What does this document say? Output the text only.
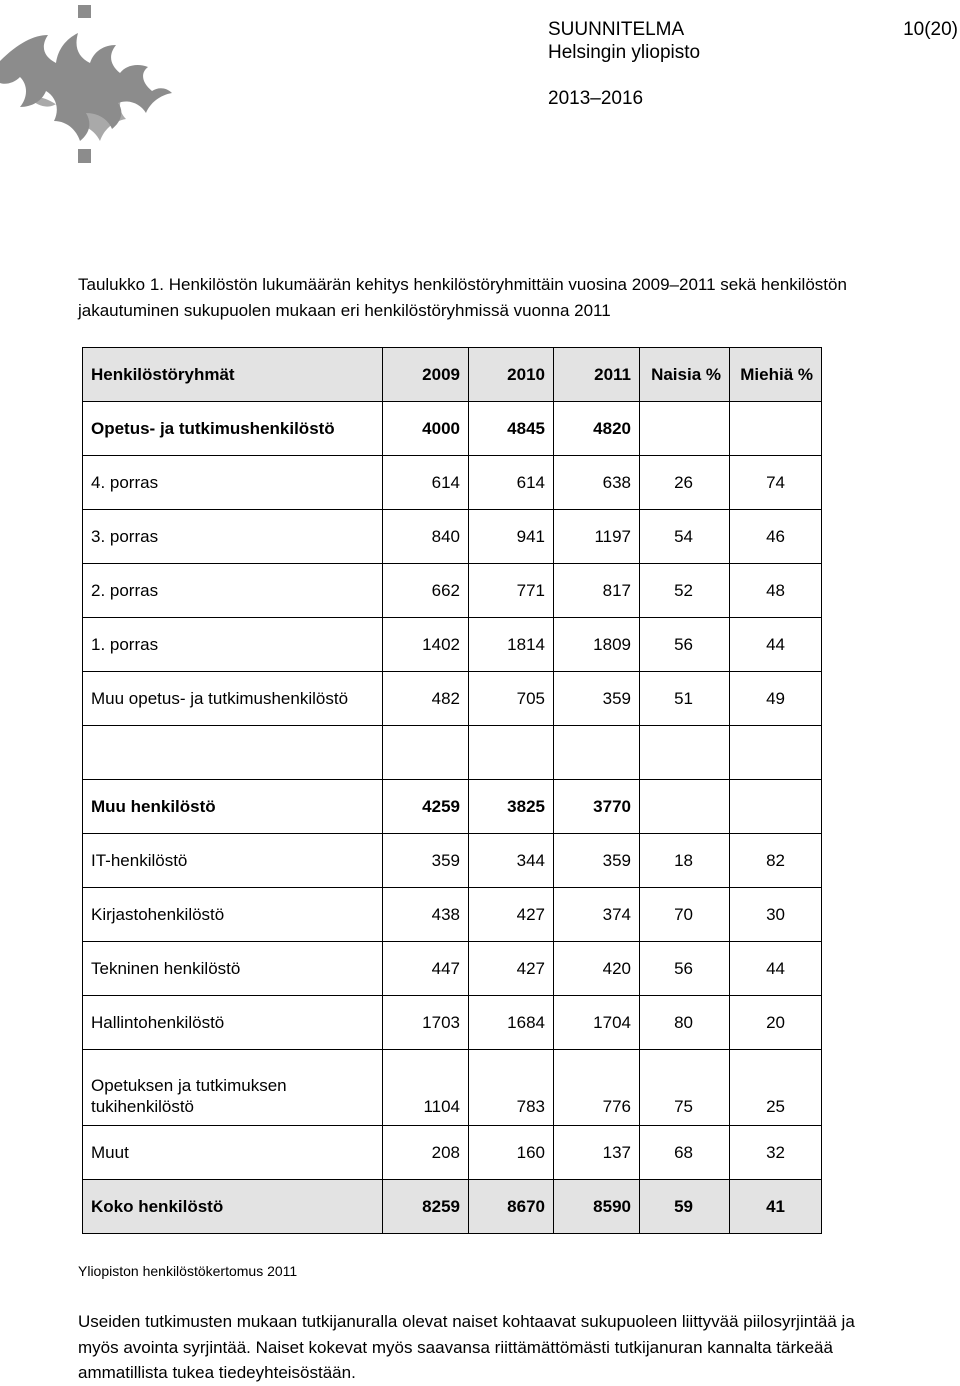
SUUNNITELMA
Helsingin yliopisto
2013–2016
10(20)
Taulukko 1. Henkilöstön lukumäärän kehitys henkilöstöryhmittäin vuosina 2009–2011 sekä henkilöstön jakautuminen sukupuolen mukaan eri henkilöstöryhmissä vuonna 2011
Henkilöstöryhmät	2009	2010	2011	Naisia %	Miehiä %
Opetus- ja tutkimushenkilöstö	4000	4845	4820		
4. porras	614	614	638	26	74
3. porras	840	941	1197	54	46
2. porras	662	771	817	52	48
1. porras	1402	1814	1809	56	44
Muu opetus- ja tutkimushenkilöstö	482	705	359	51	49

Muu henkilöstö	4259	3825	3770		
IT-henkilöstö	359	344	359	18	82
Kirjastohenkilöstö	438	427	374	70	30
Tekninen henkilöstö	447	427	420	56	44
Hallintohenkilöstö	1703	1684	1704	80	20

Opetuksen ja tutkimuksen tukihenkilöstö	1104	783	776	75	25
Muut	208	160	137	68	32
Koko henkilöstö	8259	8670	8590	59	41
Yliopiston henkilöstökertomus 2011
Useiden tutkimusten mukaan tutkijanuralla olevat naiset kohtaavat sukupuoleen liittyvää piilosyrjintää ja myös avointa syrjintää. Naiset kokevat myös saavansa riittämättömästi tutkijanuran kannalta tärkeää ammatillista tukea tiedeyhteisöstään.
